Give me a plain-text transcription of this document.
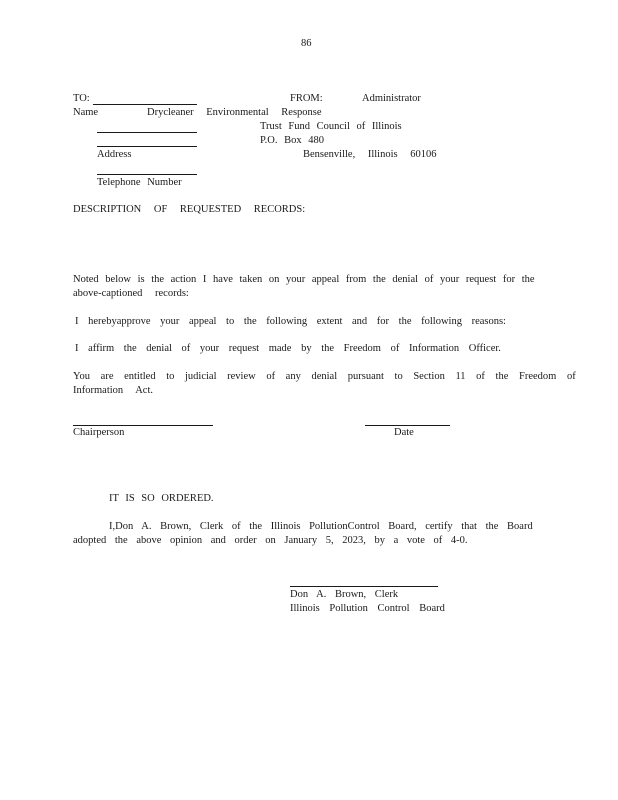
86
TO:
Name
FROM:	Administrator
Drycleaner Environmental Response
Trust Fund Council of Illinois
P.O. Box 480
Bensenville, Illinois 60106
Address
Telephone Number
DESCRIPTION OF REQUESTED RECORDS:
Noted below is the action I have taken on your appeal from the denial of your request for the
above-captioned records:
I herebyapprove your appeal to the following extent and for the following reasons:
I affirm the denial of your request made by the Freedom of Information Officer.
You are entitled to judicial review of any denial pursuant to Section 11 of the Freedom of
Information Act.
Chairperson	Date
IT IS SO ORDERED.
I,Don A. Brown, Clerk of the Illinois PollutionControl Board, certify that the Board
adopted the above opinion and order on January 5, 2023, by a vote of 4-0.
Don A. Brown, Clerk
Illinois Pollution Control Board
